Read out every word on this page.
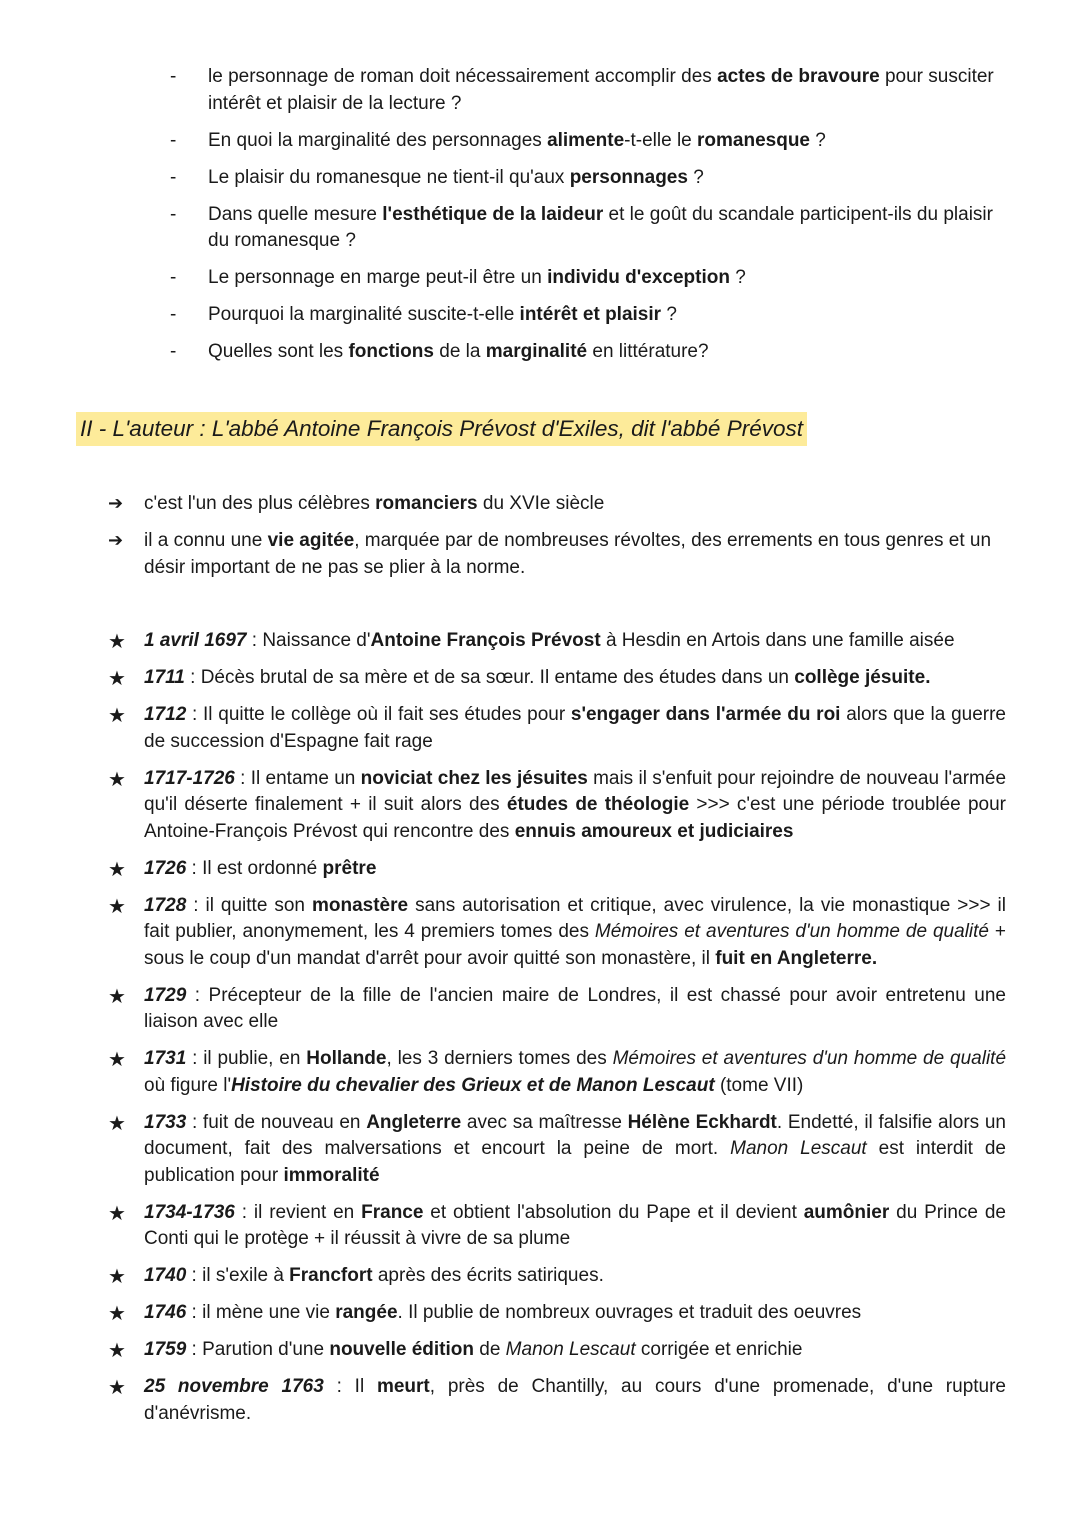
- le personnage de roman doit nécessairement accomplir des actes de bravoure pour susciter intérêt et plaisir de la lecture ?
- En quoi la marginalité des personnages alimente-t-elle le romanesque ?
- Le plaisir du romanesque ne tient-il qu'aux personnages ?
- Dans quelle mesure l'esthétique de la laideur et le goût du scandale participent-ils du plaisir du romanesque ?
- Le personnage en marge peut-il être un individu d'exception ?
- Pourquoi la marginalité suscite-t-elle intérêt et plaisir ?
- Quelles sont les fonctions de la marginalité en littérature?
II - L'auteur : L'abbé Antoine François Prévost d'Exiles, dit l'abbé Prévost
➔ c'est l'un des plus célèbres romanciers du XVIe siècle
➔ il a connu une vie agitée, marquée par de nombreuses révoltes, des errements en tous genres et un désir important de ne pas se plier à la norme.
★ 1 avril 1697 : Naissance d'Antoine François Prévost à Hesdin en Artois dans une famille aisée
★ 1711 : Décès brutal de sa mère et de sa sœur. Il entame des études dans un collège jésuite.
★ 1712 : Il quitte le collège où il fait ses études pour s'engager dans l'armée du roi alors que la guerre de succession d'Espagne fait rage
★ 1717-1726 : Il entame un noviciat chez les jésuites mais il s'enfuit pour rejoindre de nouveau l'armée qu'il déserte finalement + il suit alors des études de théologie >>> c'est une période troublée pour Antoine-François Prévost qui rencontre des ennuis amoureux et judiciaires
★ 1726 : Il est ordonné prêtre
★ 1728 : il quitte son monastère sans autorisation et critique, avec virulence, la vie monastique >>> il fait publier, anonymement, les 4 premiers tomes des Mémoires et aventures d'un homme de qualité + sous le coup d'un mandat d'arrêt pour avoir quitté son monastère, il fuit en Angleterre.
★ 1729 : Précepteur de la fille de l'ancien maire de Londres, il est chassé pour avoir entretenu une liaison avec elle
★ 1731 : il publie, en Hollande, les 3 derniers tomes des Mémoires et aventures d'un homme de qualité où figure l'Histoire du chevalier des Grieux et de Manon Lescaut (tome VII)
★ 1733 : fuit de nouveau en Angleterre avec sa maîtresse Hélène Eckhardt. Endetté, il falsifie alors un document, fait des malversations et encourt la peine de mort. Manon Lescaut est interdit de publication pour immoralité
★ 1734-1736 : il revient en France et obtient l'absolution du Pape et il devient aumônier du Prince de Conti qui le protège + il réussit à vivre de sa plume
★ 1740 : il s'exile à Francfort après des écrits satiriques.
★ 1746 : il mène une vie rangée. Il publie de nombreux ouvrages et traduit des oeuvres
★ 1759 : Parution d'une nouvelle édition de Manon Lescaut corrigée et enrichie
★ 25 novembre 1763 : Il meurt, près de Chantilly, au cours d'une promenade, d'une rupture d'anévrisme.
